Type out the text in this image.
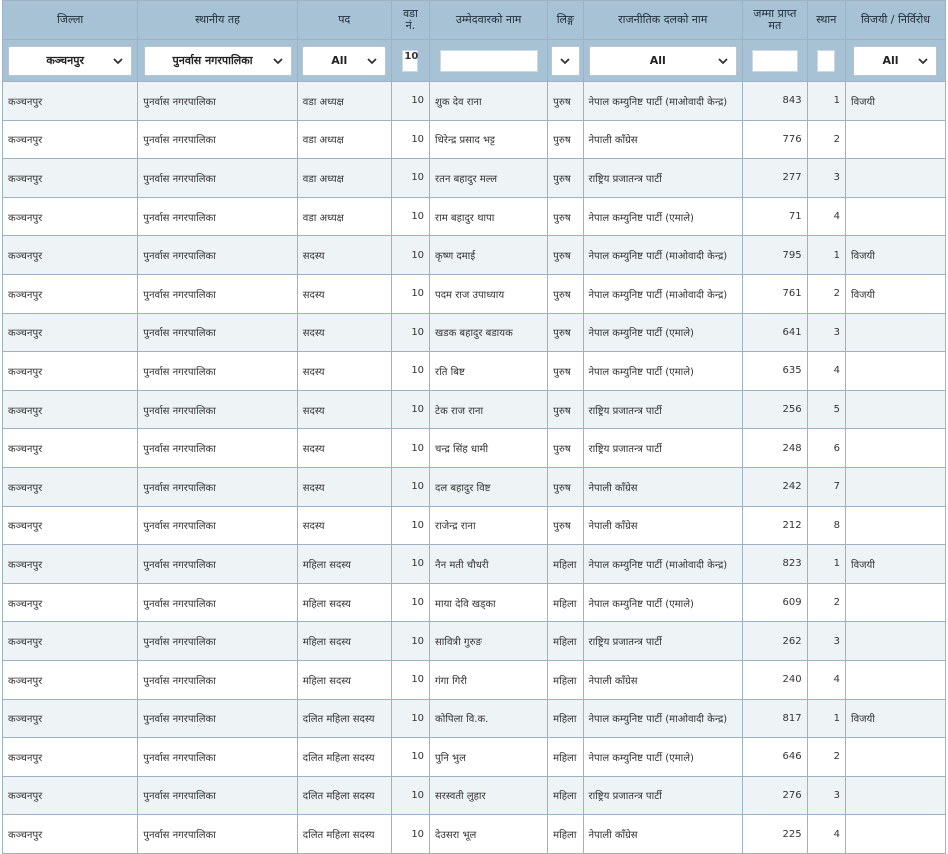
जिल्ला	स्थानीय तह	पद	वडा
नं.	उम्मेदवारको नाम	लिङ्ग	राजनीतिक दलको नाम	जम्मा प्राप्त
मत	स्थान	विजयी / निर्विरोध

कञ्चनपुर	पुनर्वास नगरपालिका	All	10			All			All

कञ्चनपुर	पुनर्वास नगरपालिका	वडा अध्यक्ष	10	शुक देव राना	पुरुष	नेपाल कम्युनिष्ट पार्टी (माओवादी केन्द्र)	843	1	विजयी
कञ्चनपुर	पुनर्वास नगरपालिका	वडा अध्यक्ष	10	धिरेन्द्र प्रसाद भट्ट	पुरुष	नेपाली काँग्रेस	776	2	
कञ्चनपुर	पुनर्वास नगरपालिका	वडा अध्यक्ष	10	रतन बहादुर मल्ल	पुरुष	राष्ट्रिय प्रजातन्त्र पार्टी	277	3	
कञ्चनपुर	पुनर्वास नगरपालिका	वडा अध्यक्ष	10	राम बहादुर थापा	पुरुष	नेपाल कम्युनिष्ट पार्टी (एमाले)	71	4	
कञ्चनपुर	पुनर्वास नगरपालिका	सदस्य	10	कृष्ण दमाई	पुरुष	नेपाल कम्युनिष्ट पार्टी (माओवादी केन्द्र)	795	1	विजयी
कञ्चनपुर	पुनर्वास नगरपालिका	सदस्य	10	पदम राज उपाध्याय	पुरुष	नेपाल कम्युनिष्ट पार्टी (माओवादी केन्द्र)	761	2	विजयी
कञ्चनपुर	पुनर्वास नगरपालिका	सदस्य	10	खडक बहादुर बडायक	पुरुष	नेपाल कम्युनिष्ट पार्टी (एमाले)	641	3	
कञ्चनपुर	पुनर्वास नगरपालिका	सदस्य	10	रति बिष्ट	पुरुष	नेपाल कम्युनिष्ट पार्टी (एमाले)	635	4	
कञ्चनपुर	पुनर्वास नगरपालिका	सदस्य	10	टेक राज राना	पुरुष	राष्ट्रिय प्रजातन्त्र पार्टी	256	5	
कञ्चनपुर	पुनर्वास नगरपालिका	सदस्य	10	चन्द्र सिंह धामी	पुरुष	राष्ट्रिय प्रजातन्त्र पार्टी	248	6	
कञ्चनपुर	पुनर्वास नगरपालिका	सदस्य	10	दल बहादुर विष्ट	पुरुष	नेपाली काँग्रेस	242	7	
कञ्चनपुर	पुनर्वास नगरपालिका	सदस्य	10	राजेन्द्र राना	पुरुष	नेपाली काँग्रेस	212	8	
कञ्चनपुर	पुनर्वास नगरपालिका	महिला सदस्य	10	नैन मती चौधरी	महिला	नेपाल कम्युनिष्ट पार्टी (माओवादी केन्द्र)	823	1	विजयी
कञ्चनपुर	पुनर्वास नगरपालिका	महिला सदस्य	10	माया देवि खड्का	महिला	नेपाल कम्युनिष्ट पार्टी (एमाले)	609	2	
कञ्चनपुर	पुनर्वास नगरपालिका	महिला सदस्य	10	सावित्री गुरुङ	महिला	राष्ट्रिय प्रजातन्त्र पार्टी	262	3	
कञ्चनपुर	पुनर्वास नगरपालिका	महिला सदस्य	10	गंगा गिरी	महिला	नेपाली काँग्रेस	240	4	
कञ्चनपुर	पुनर्वास नगरपालिका	दलित महिला सदस्य	10	कोपिला वि.क.	महिला	नेपाल कम्युनिष्ट पार्टी (माओवादी केन्द्र)	817	1	विजयी
कञ्चनपुर	पुनर्वास नगरपालिका	दलित महिला सदस्य	10	पुनि भुल	महिला	नेपाल कम्युनिष्ट पार्टी (एमाले)	646	2	
कञ्चनपुर	पुनर्वास नगरपालिका	दलित महिला सदस्य	10	सरस्वती लुहार	महिला	राष्ट्रिय प्रजातन्त्र पार्टी	276	3	
कञ्चनपुर	पुनर्वास नगरपालिका	दलित महिला सदस्य	10	देउसरा भूल	महिला	नेपाली काँग्रेस	225	4	
